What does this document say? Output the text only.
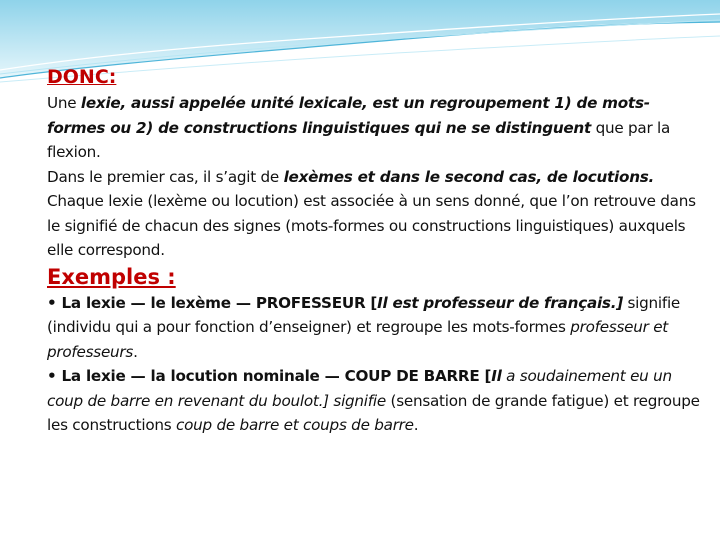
DONC:

Une lexie, aussi appelée unité lexicale, est un regroupement 1) de mots-formes ou 2) de constructions linguistiques qui ne se distinguent que par la flexion.

Dans le premier cas, il s’agit de lexèmes et dans le second cas, de locutions.

Chaque lexie (lexème ou locution) est associée à un sens donné, que l’on retrouve dans le signifié de chacun des signes (mots-formes ou constructions linguistiques) auxquels elle correspond.

Exemples :

• La lexie — le lexème — PROFESSEUR [Il est professeur de français.] signifie (individu qui a pour fonction d’enseigner) et regroupe les mots-formes professeur et professeurs.

• La lexie — la locution nominale — COUP DE BARRE [Il a soudainement eu un coup de barre en revenant du boulot.] signifie (sensation de grande fatigue) et regroupe les constructions coup de barre et coups de barre.
